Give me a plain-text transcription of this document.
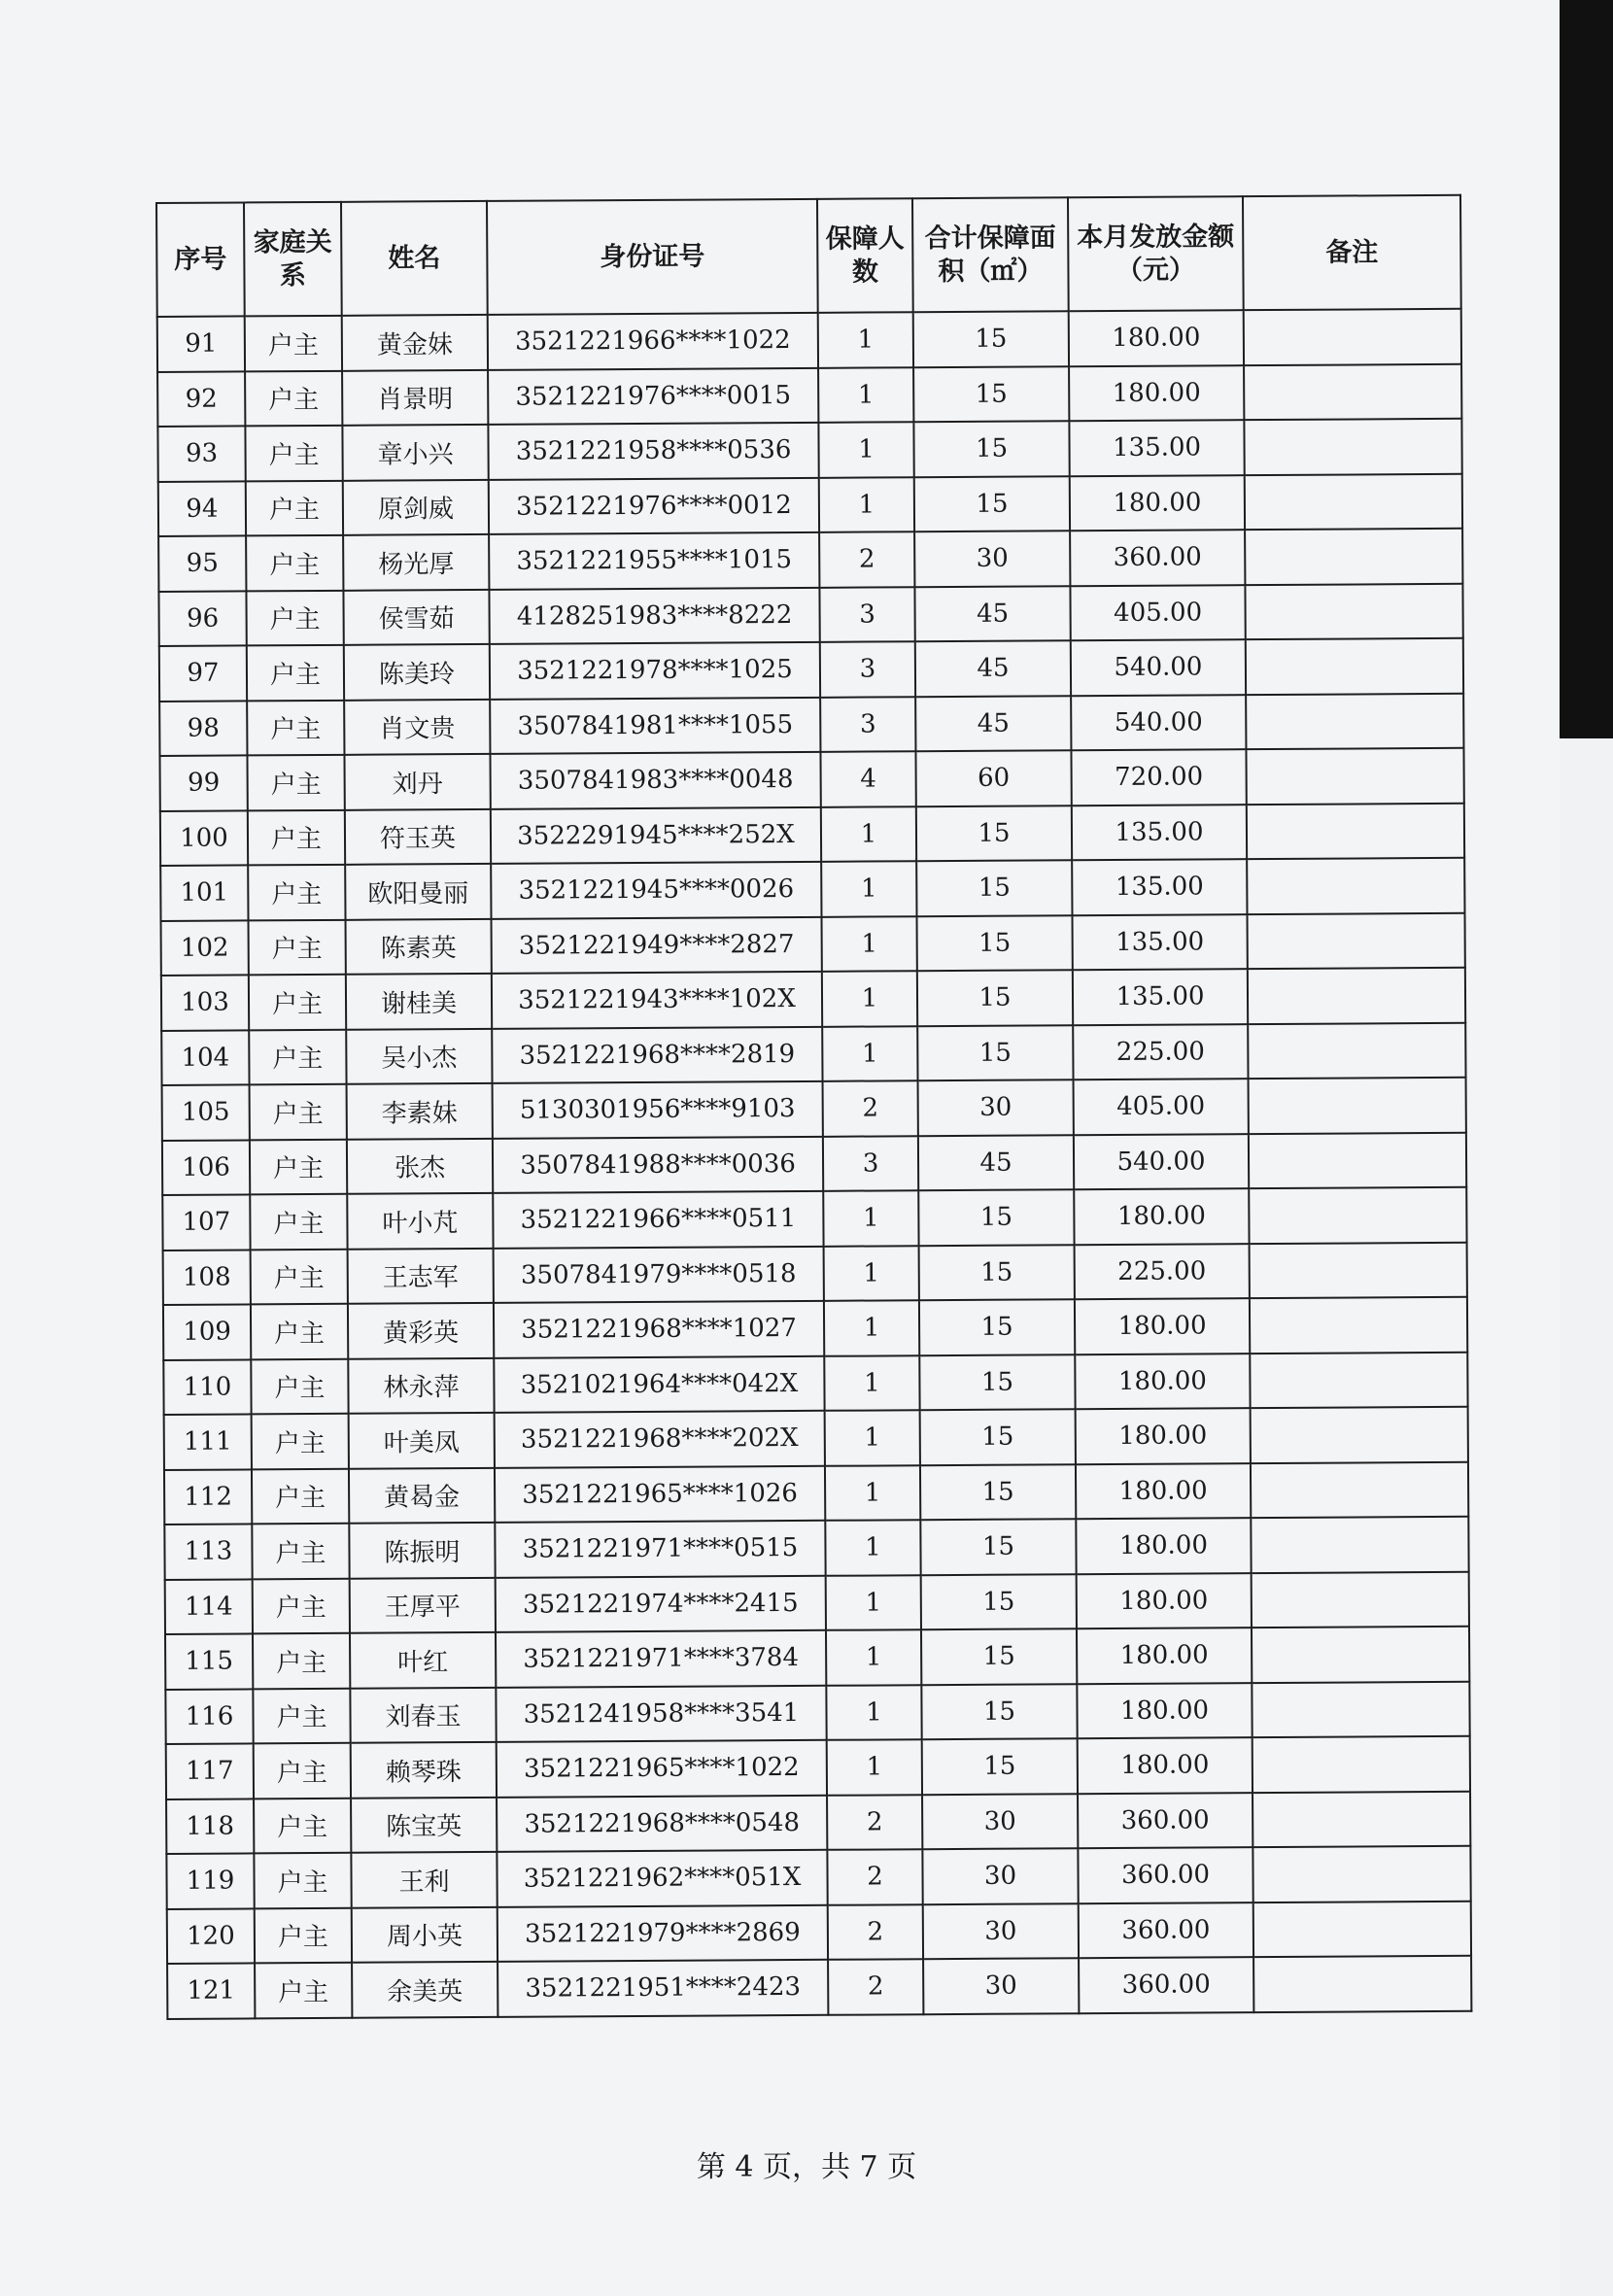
序号	家庭关系	姓名	身份证号	保障人数	合计保障面积（㎡）	本月发放金额（元）	备注
91	户主	黄金妹	3521221966****1022	1	15	180.00	
92	户主	肖景明	3521221976****0015	1	15	180.00	
93	户主	章小兴	3521221958****0536	1	15	135.00	
94	户主	原剑威	3521221976****0012	1	15	180.00	
95	户主	杨光厚	3521221955****1015	2	30	360.00	
96	户主	侯雪茹	4128251983****8222	3	45	405.00	
97	户主	陈美玲	3521221978****1025	3	45	540.00	
98	户主	肖文贵	3507841981****1055	3	45	540.00	
99	户主	刘丹	3507841983****0048	4	60	720.00	
100	户主	符玉英	3522291945****252X	1	15	135.00	
101	户主	欧阳曼丽	3521221945****0026	1	15	135.00	
102	户主	陈素英	3521221949****2827	1	15	135.00	
103	户主	谢桂美	3521221943****102X	1	15	135.00	
104	户主	吴小杰	3521221968****2819	1	15	225.00	
105	户主	李素妹	5130301956****9103	2	30	405.00	
106	户主	张杰	3507841988****0036	3	45	540.00	
107	户主	叶小芃	3521221966****0511	1	15	180.00	
108	户主	王志军	3507841979****0518	1	15	225.00	
109	户主	黄彩英	3521221968****1027	1	15	180.00	
110	户主	林永萍	3521021964****042X	1	15	180.00	
111	户主	叶美凤	3521221968****202X	1	15	180.00	
112	户主	黄曷金	3521221965****1026	1	15	180.00	
113	户主	陈振明	3521221971****0515	1	15	180.00	
114	户主	王厚平	3521221974****2415	1	15	180.00	
115	户主	叶红	3521221971****3784	1	15	180.00	
116	户主	刘春玉	3521241958****3541	1	15	180.00	
117	户主	赖琴珠	3521221965****1022	1	15	180.00	
118	户主	陈宝英	3521221968****0548	2	30	360.00	
119	户主	王利	3521221962****051X	2	30	360.00	
120	户主	周小英	3521221979****2869	2	30	360.00	
121	户主	余美英	3521221951****2423	2	30	360.00	
第 4 页，共 7 页
